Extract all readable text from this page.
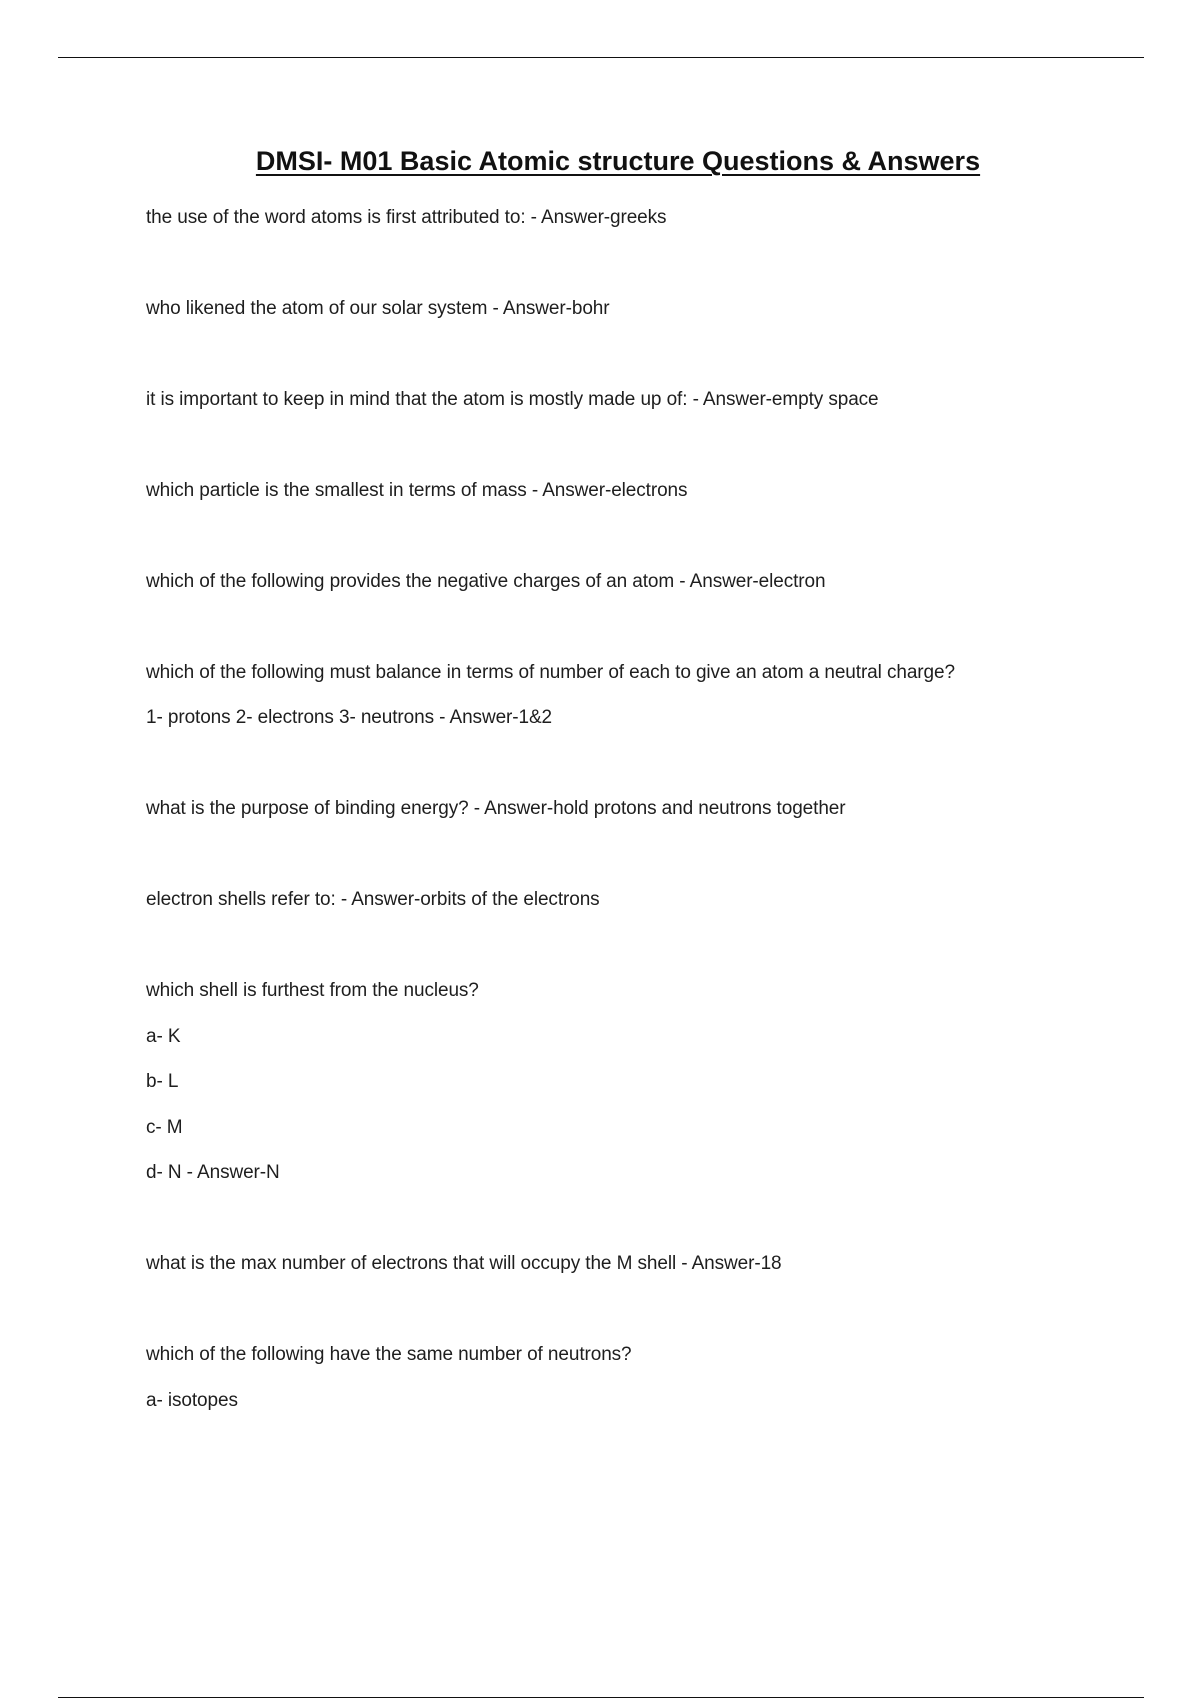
DMSI- M01 Basic Atomic structure Questions & Answers
the use of the word atoms is first attributed to: - Answer-greeks
who likened the atom of our solar system - Answer-bohr
it is important to keep in mind that the atom is mostly made up of: - Answer-empty space
which particle is the smallest in terms of mass - Answer-electrons
which of the following provides the negative charges of an atom - Answer-electron
which of the following must balance in terms of number of each to give an atom a neutral charge?
1- protons 2- electrons 3- neutrons - Answer-1&2
what is the purpose of binding energy? - Answer-hold protons and neutrons together
electron shells refer to: - Answer-orbits of the electrons
which shell is furthest from the nucleus?
a- K
b- L
c- M
d- N - Answer-N
what is the max number of electrons that will occupy the M shell - Answer-18
which of the following have the same number of neutrons?
a- isotopes
